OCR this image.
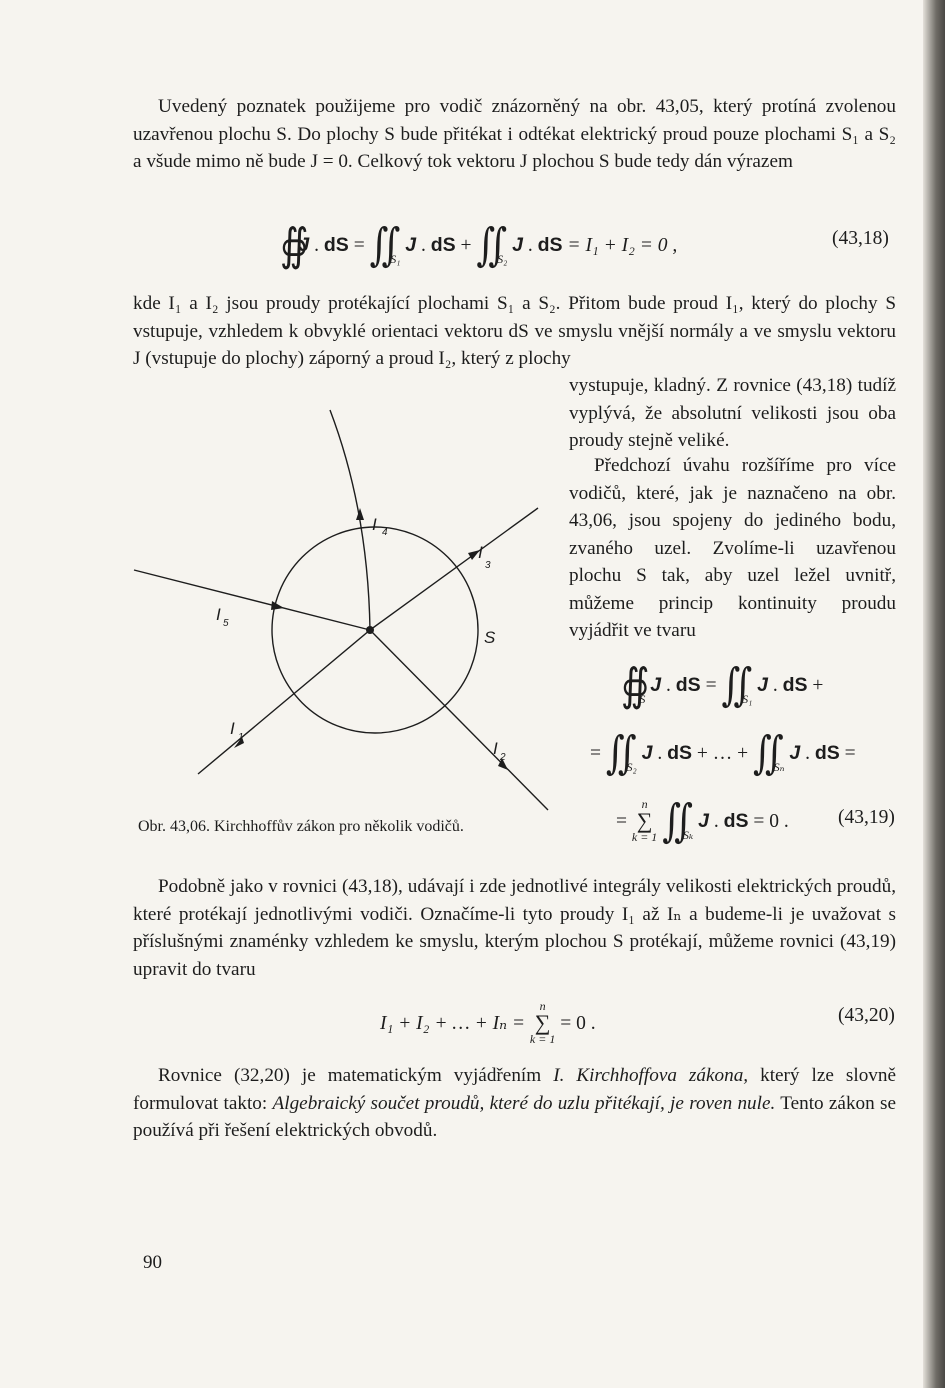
Uvedený poznatek použijeme pro vodič znázorněný na obr. 43,05, který protíná zvolenou uzavřenou plochu S. Do plochy S bude přitékat i odtékat elektrický proud pouze plochami S₁ a S₂ a všude mimo ně bude J = 0. Celkový tok vektoru J plochou S bude tedy dán výrazem

∯J . dS = $∬_{S_1}$ J . dS + $∬_{S_2}$ J . dS = I₁ + I₂ = 0 ,	(43,18)

kde I₁ a I₂ jsou proudy protékající plochami S₁ a S₂. Přitom bude proud I₁, který do plochy S vstupuje, vzhledem k obvyklé orientaci vektoru dS ve smyslu vnější normály a ve smyslu vektoru J (vstupuje do plochy) záporný a proud I₂, který z plochy

vystupuje, kladný. Z rovnice (43,18) tudíž vyplývá, že absolutní velikosti jsou oba proudy stejně veliké.

Předchozí úvahu rozšíříme pro více vodičů, které, jak je naznačeno na obr. 43,06, jsou spojeny do jediného bodu, zvaného uzel. Zvolíme-li uzavřenou plochu S tak, aby uzel ležel uvnitř, můžeme princip kontinuity proudu vyjádřit ve tvaru

I 4
I
3
I 5
I 1
I 2
S
$∯_S$ J . dS = $∬_{S_1}$ J . dS +
= $∬_{S_2}$ J . dS + … + $∬_{S_n}$ J . dS =
=
n
∑
k = 1 $∬_{S_k}$ J . dS = 0 .	(43,19)
Obr. 43,06. Kirchhoffův zákon pro několik vodičů.

Podobně jako v rovnici (43,18), udávají i zde jednotlivé integrály velikosti elektrických proudů, které protékají jednotlivými vodiči. Označíme-li tyto proudy I₁ až Iₙ a budeme-li je uvažovat s příslušnými znaménky vzhledem ke smyslu, kterým plochou S protékají, můžeme rovnici (43,19) upravit do tvaru

I₁ + I₂ + … + Iₙ =
n
∑
k = 1
= 0 .	(43,20)

Rovnice (32,20) je matematickým vyjádřením I. Kirchhoffova zákona, který lze slovně formulovat takto: Algebraický součet proudů, které do uzlu přitékají, je roven nule. Tento zákon se používá při řešení elektrických obvodů.

90
